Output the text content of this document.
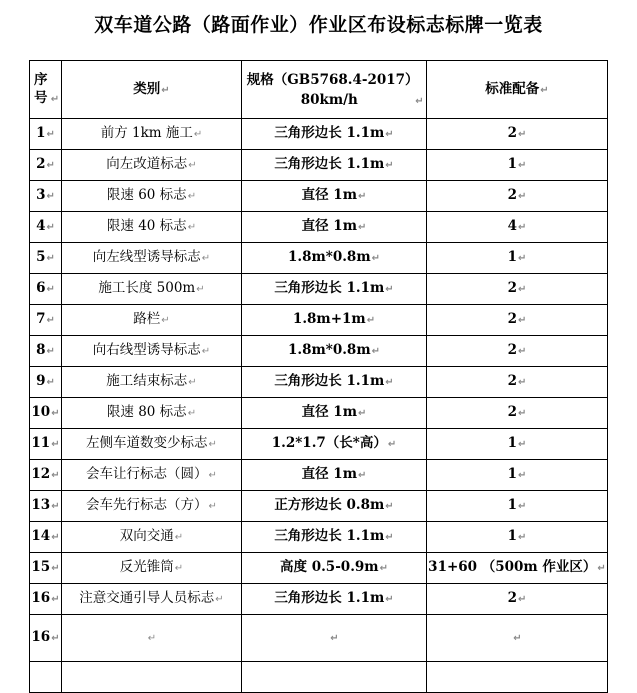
双车道公路（路面作业）作业区布设标志标牌一览表
序号 ↵	类别↵	规格（GB5768.4-2017）80km/h ↵	标准配备↵
1↵	前方 1km 施工↵	三角形边长 1.1m↵	2↵
2↵	向左改道标志↵	三角形边长 1.1m↵	1↵
3↵	限速 60 标志↵	直径 1m↵	2↵
4↵	限速 40 标志↵	直径 1m↵	4↵
5↵	向左线型诱导标志↵	1.8m*0.8m↵	1↵
6↵	施工长度 500m↵	三角形边长 1.1m↵	2↵
7↵	路栏↵	1.8m+1m↵	2↵
8↵	向右线型诱导标志↵	1.8m*0.8m↵	2↵
9↵	施工结束标志↵	三角形边长 1.1m↵	2↵
10↵	限速 80 标志↵	直径 1m↵	2↵
11↵	左侧车道数变少标志↵	1.2*1.7（长*高）↵	1↵
12↵	会车让行标志（圆）↵	直径 1m↵	1↵
13↵	会车先行标志（方）↵	正方形边长 0.8m↵	1↵
14↵	双向交通↵	三角形边长 1.1m↵	1↵
15↵	反光锥筒↵	高度 0.5-0.9m↵	31+60 （500m 作业区）↵
16↵	注意交通引导人员标志↵	三角形边长 1.1m↵	2↵
16↵	↵	↵	↵
